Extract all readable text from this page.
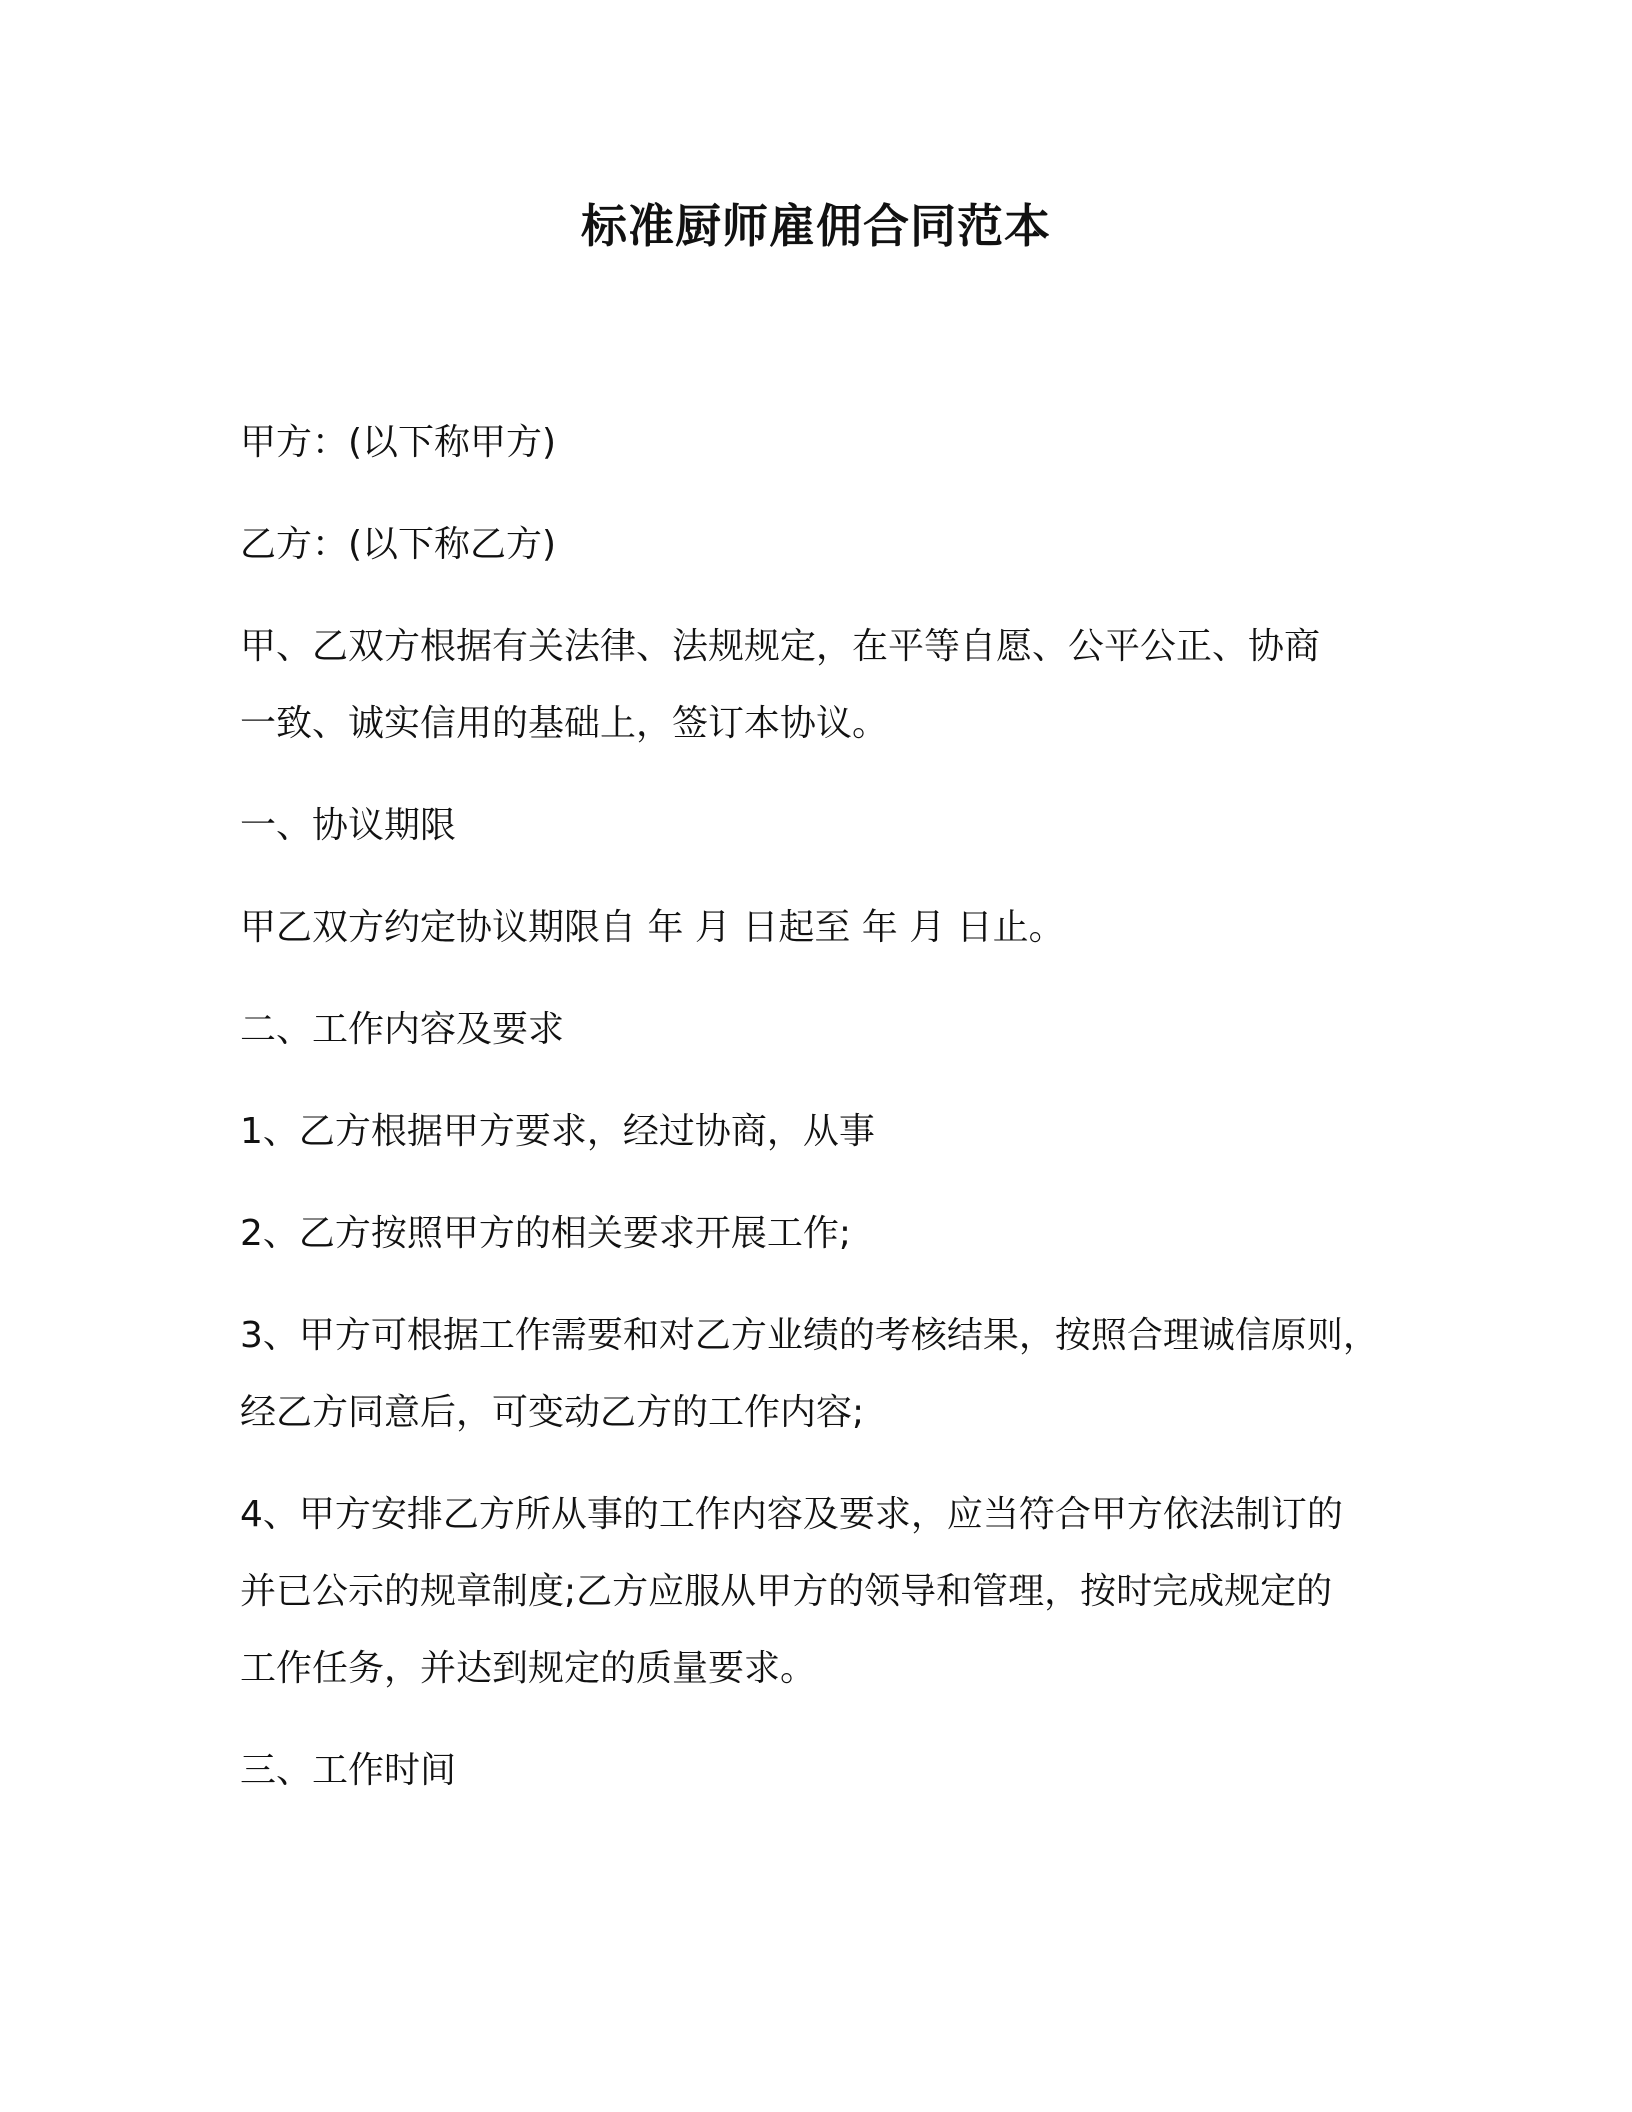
标准厨师雇佣合同范本
甲方：(以下称甲方)
乙方：(以下称乙方)
甲、乙双方根据有关法律、法规规定，在平等自愿、公平公正、协商
一致、诚实信用的基础上，签订本协议。
一、协议期限
甲乙双方约定协议期限自 年 月 日起至 年 月 日止。
二、工作内容及要求
1、乙方根据甲方要求，经过协商，从事
2、乙方按照甲方的相关要求开展工作;
3、甲方可根据工作需要和对乙方业绩的考核结果，按照合理诚信原则，
经乙方同意后，可变动乙方的工作内容;
4、甲方安排乙方所从事的工作内容及要求，应当符合甲方依法制订的
并已公示的规章制度;乙方应服从甲方的领导和管理，按时完成规定的
工作任务，并达到规定的质量要求。
三、工作时间
